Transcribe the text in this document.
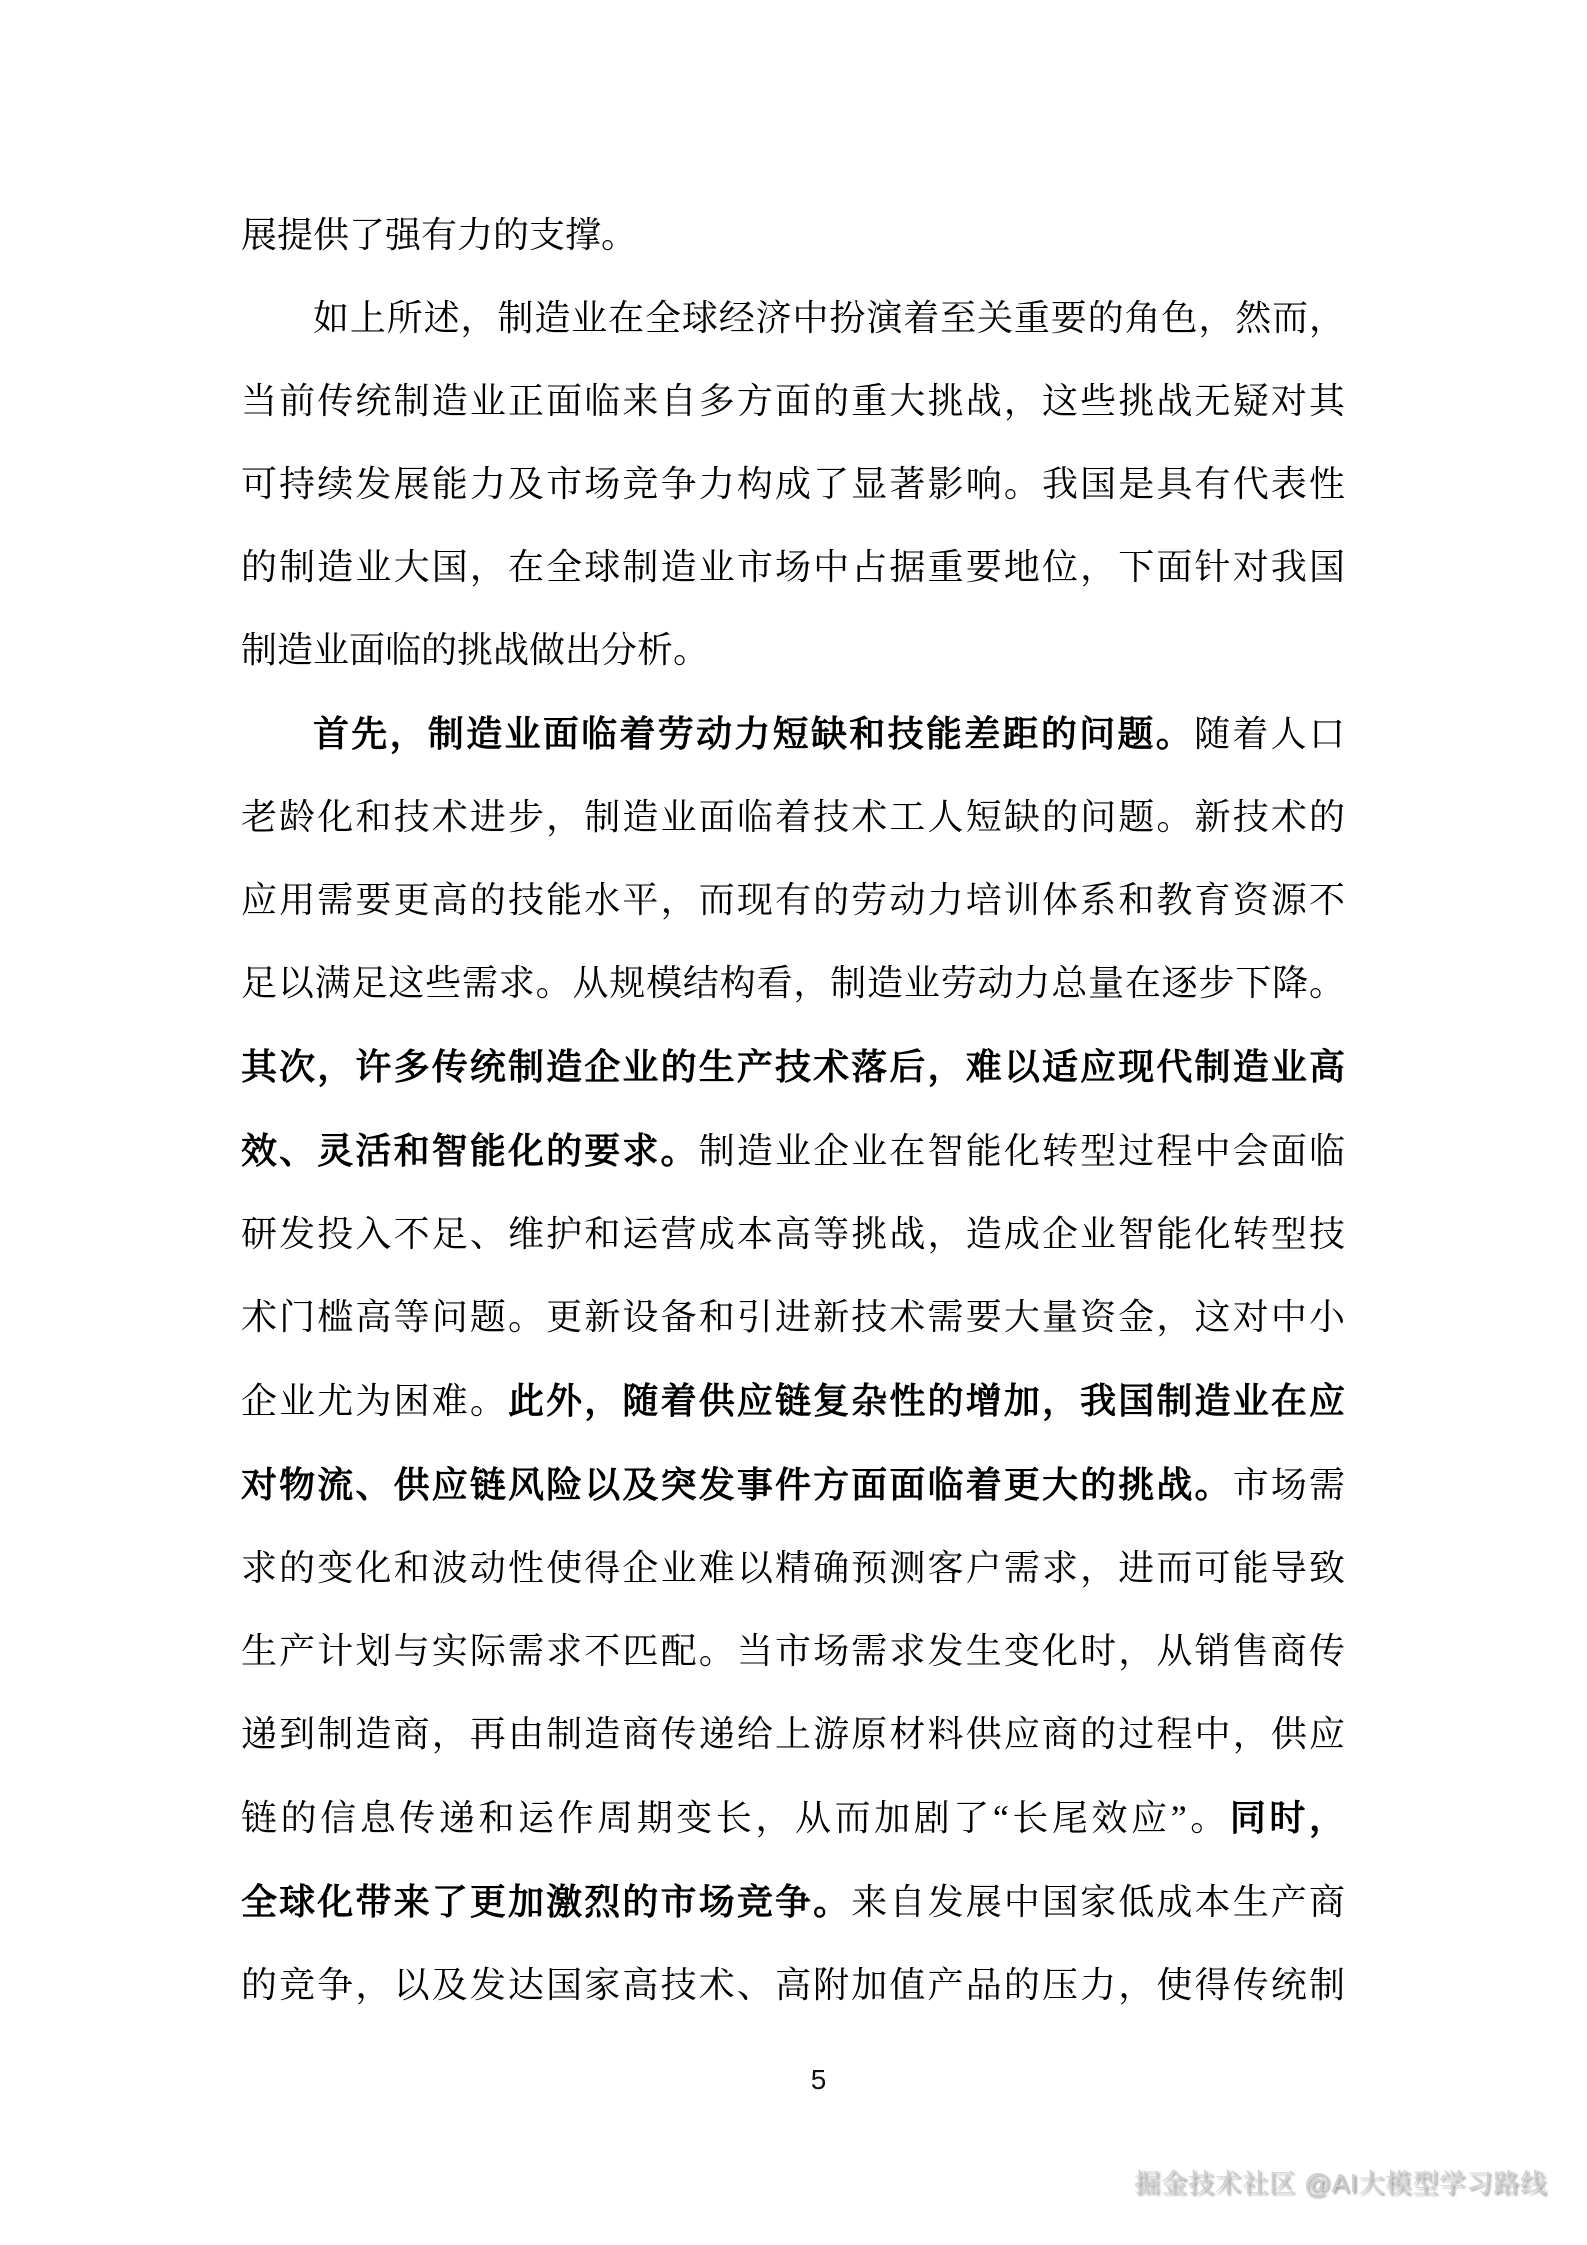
展提供了强有力的支撑。
如上所述，制造业在全球经济中扮演着至关重要的角色，然而，
当前传统制造业正面临来自多方面的重大挑战，这些挑战无疑对其
可持续发展能力及市场竞争力构成了显著影响。我国是具有代表性
的制造业大国，在全球制造业市场中占据重要地位，下面针对我国
制造业面临的挑战做出分析。
首先，制造业面临着劳动力短缺和技能差距的问题。随着人口
老龄化和技术进步，制造业面临着技术工人短缺的问题。新技术的
应用需要更高的技能水平，而现有的劳动力培训体系和教育资源不
足以满足这些需求。从规模结构看，制造业劳动力总量在逐步下降。
其次，许多传统制造企业的生产技术落后，难以适应现代制造业高
效、灵活和智能化的要求。制造业企业在智能化转型过程中会面临
研发投入不足、维护和运营成本高等挑战，造成企业智能化转型技
术门槛高等问题。更新设备和引进新技术需要大量资金，这对中小
企业尤为困难。此外，随着供应链复杂性的增加，我国制造业在应
对物流、供应链风险以及突发事件方面面临着更大的挑战。市场需
求的变化和波动性使得企业难以精确预测客户需求，进而可能导致
生产计划与实际需求不匹配。当市场需求发生变化时，从销售商传
递到制造商，再由制造商传递给上游原材料供应商的过程中，供应
链的信息传递和运作周期变长，从而加剧了“长尾效应”。同时，
全球化带来了更加激烈的市场竞争。来自发展中国家低成本生产商
的竞争，以及发达国家高技术、高附加值产品的压力，使得传统制
5
掘金技术社区 @AI大模型学习路线
